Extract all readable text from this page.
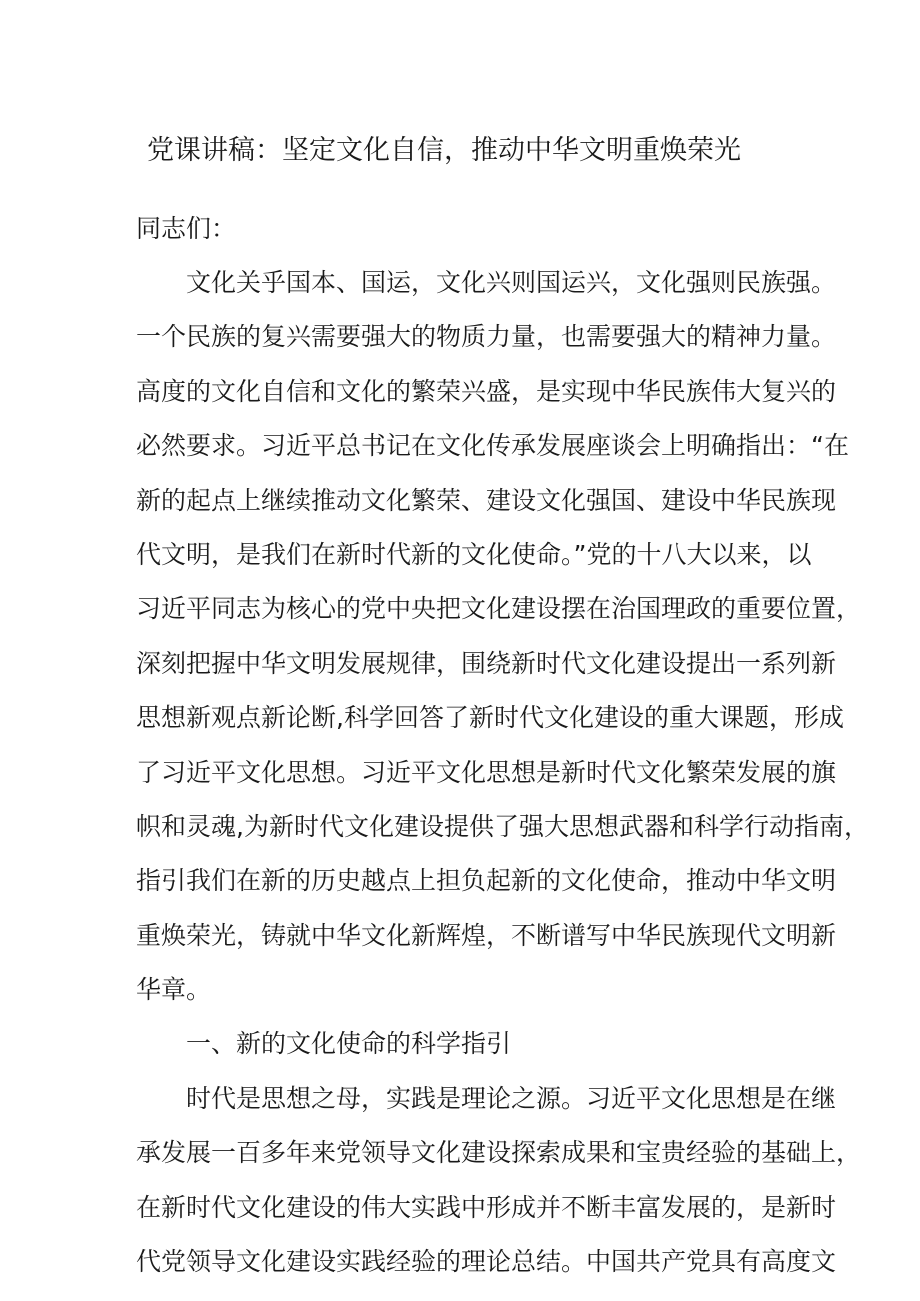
党课讲稿：坚定文化自信，推动中华文明重焕荣光

同志们：

文化关乎国本、国运，文化兴则国运兴，文化强则民族强。
一个民族的复兴需要强大的物质力量，也需要强大的精神力量。
高度的文化自信和文化的繁荣兴盛，是实现中华民族伟大复兴的
必然要求。习近平总书记在文化传承发展座谈会上明确指出：“在
新的起点上继续推动文化繁荣、建设文化强国、建设中华民族现
代文明，是我们在新时代新的文化使命。”党的十八大以来，以
习近平同志为核心的党中央把文化建设摆在治国理政的重要位置，
深刻把握中华文明发展规律，围绕新时代文化建设提出一系列新
思想新观点新论断,科学回答了新时代文化建设的重大课题，形成
了习近平文化思想。习近平文化思想是新时代文化繁荣发展的旗
帜和灵魂,为新时代文化建设提供了强大思想武器和科学行动指南，
指引我们在新的历史越点上担负起新的文化使命，推动中华文明
重焕荣光，铸就中华文化新辉煌，不断谱写中华民族现代文明新
华章。
一、新的文化使命的科学指引
时代是思想之母，实践是理论之源。习近平文化思想是在继
承发展一百多年来党领导文化建设探索成果和宝贵经验的基础上，
在新时代文化建设的伟大实践中形成并不断丰富发展的，是新时
代党领导文化建设实践经验的理论总结。中国共产党具有高度文
